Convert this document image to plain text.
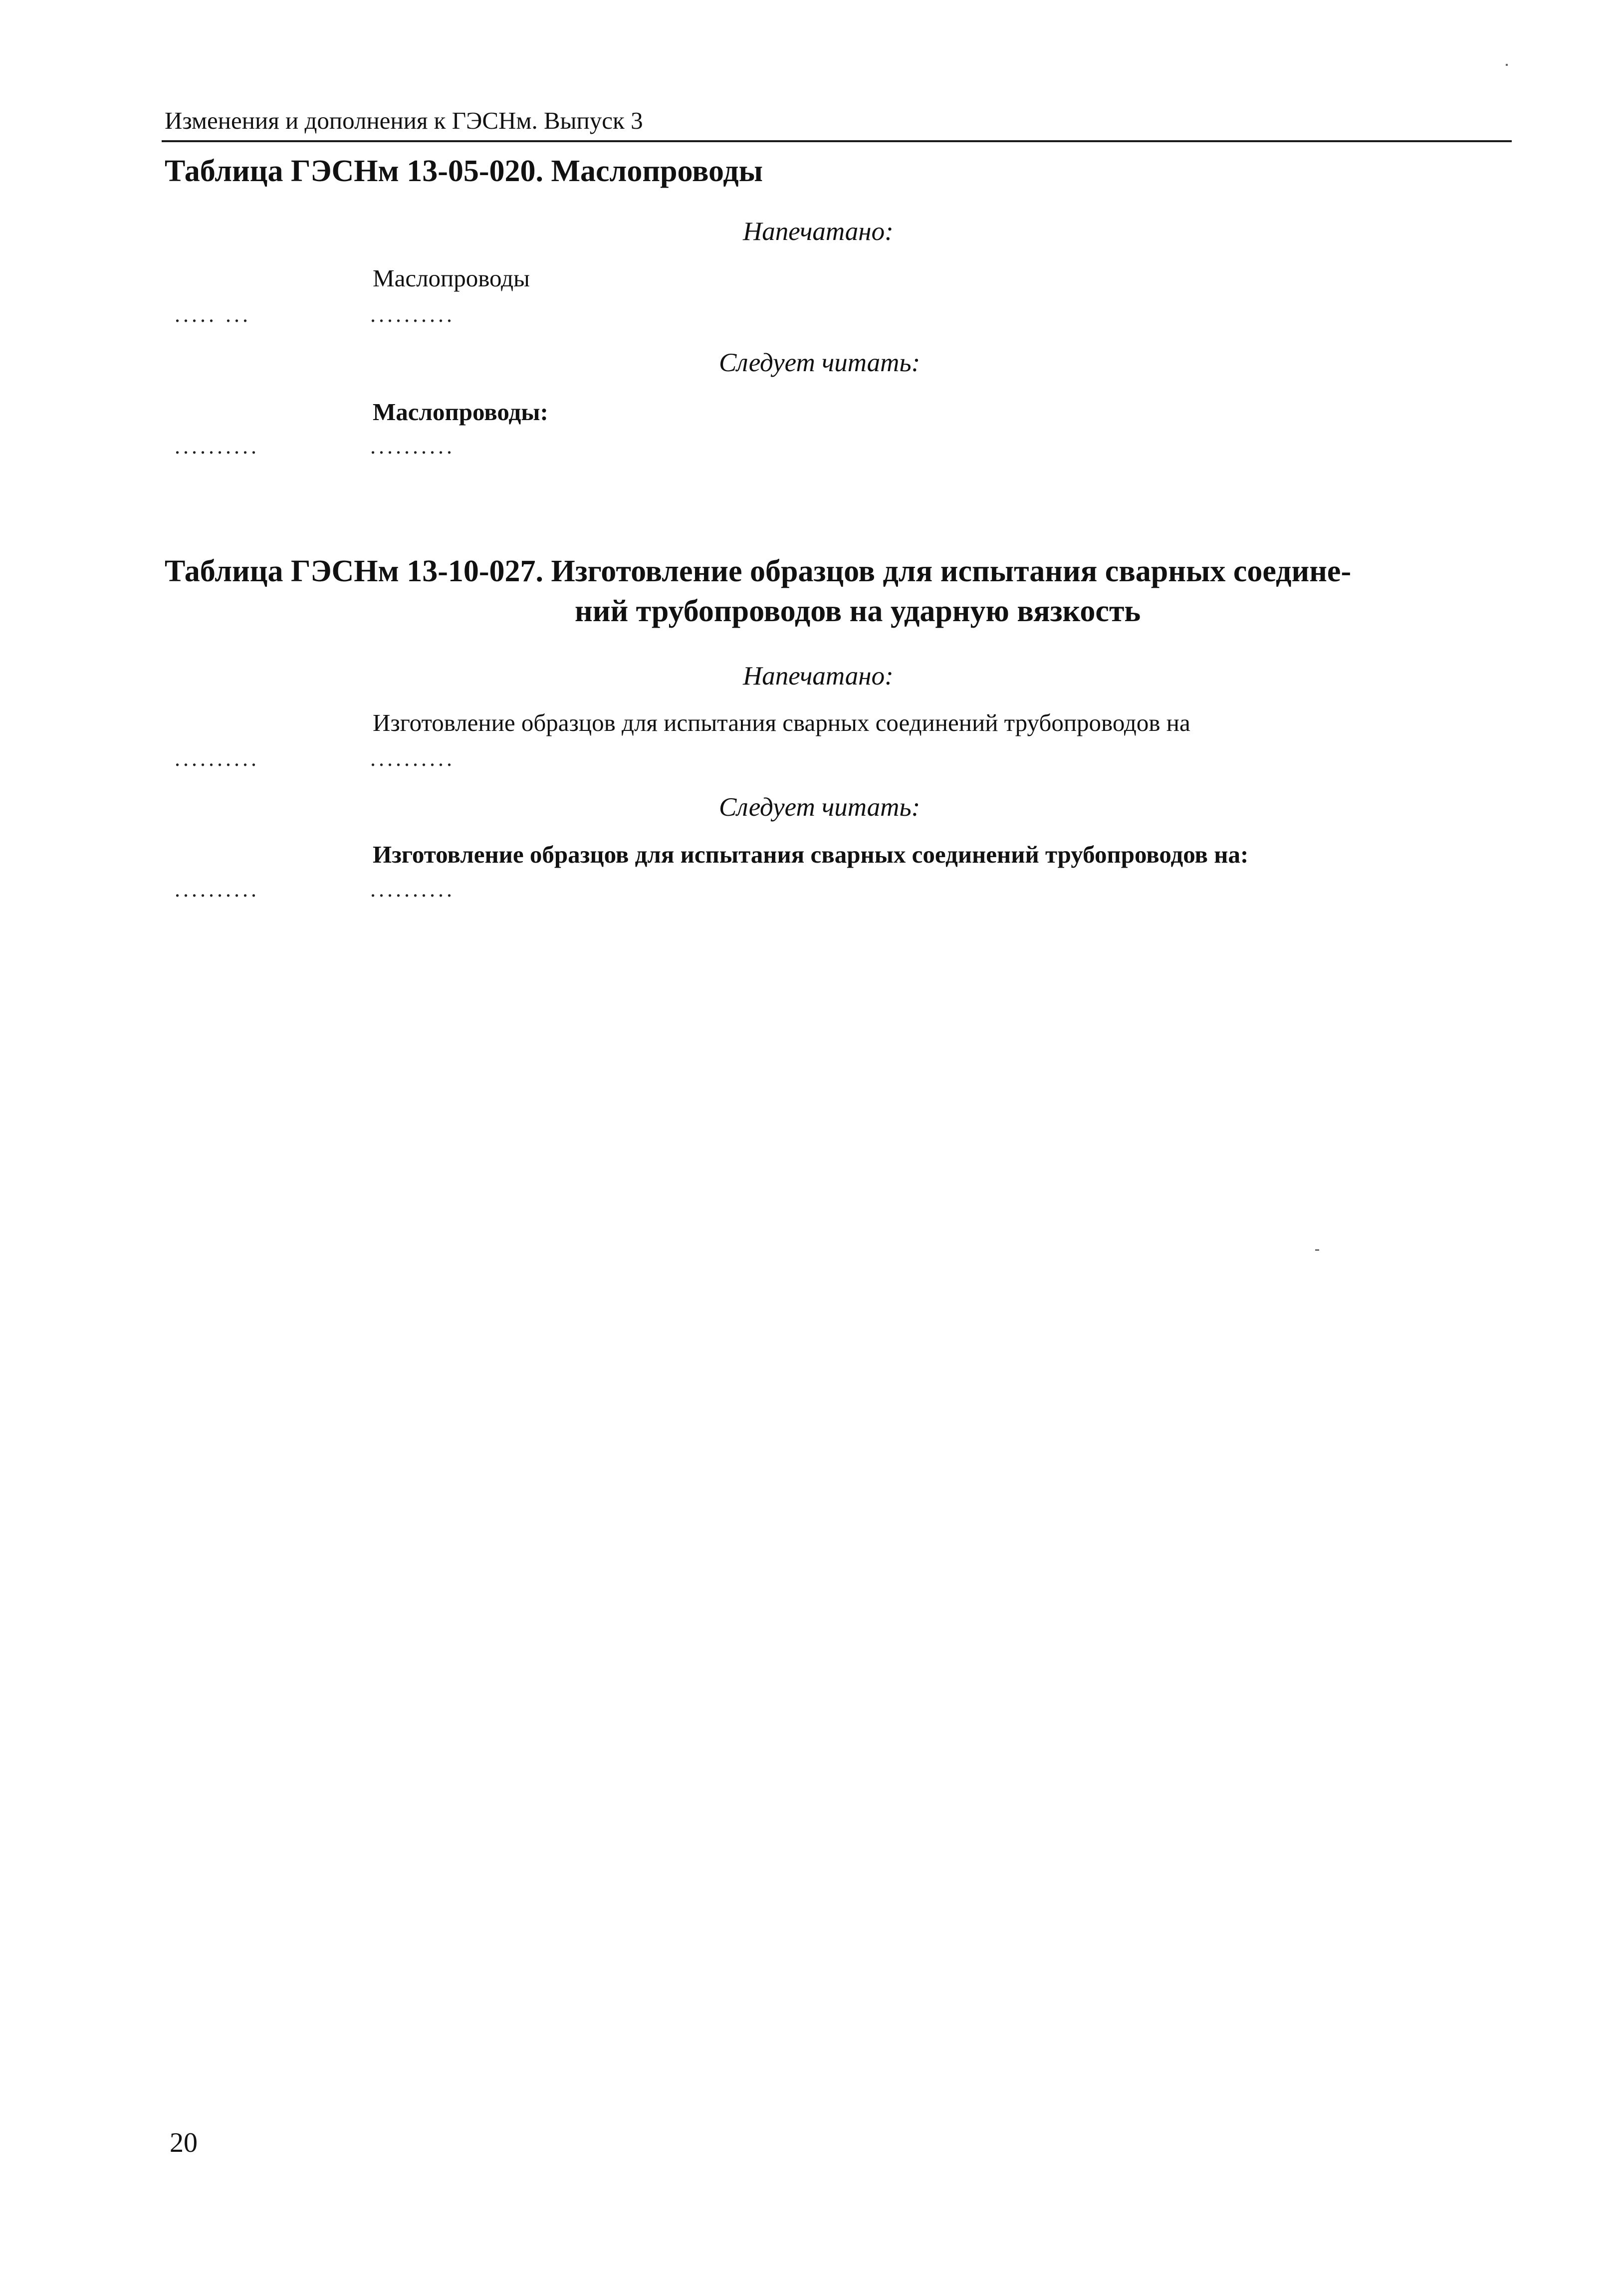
Изменения и дополнения к ГЭСНм. Выпуск 3
Таблица ГЭСНм 13-05-020. Маслопроводы
Напечатано:
Маслопроводы
..... ...	..........
Следует читать:
Маслопроводы:
..........	..........
Таблица ГЭСНм 13-10-027. Изготовление образцов для испытания сварных соедине-
ний трубопроводов на ударную вязкость
Напечатано:
Изготовление образцов для испытания сварных соединений трубопроводов на
..........	..........
Следует читать:
Изготовление образцов для испытания сварных соединений трубопроводов на:
..........	..........
20
